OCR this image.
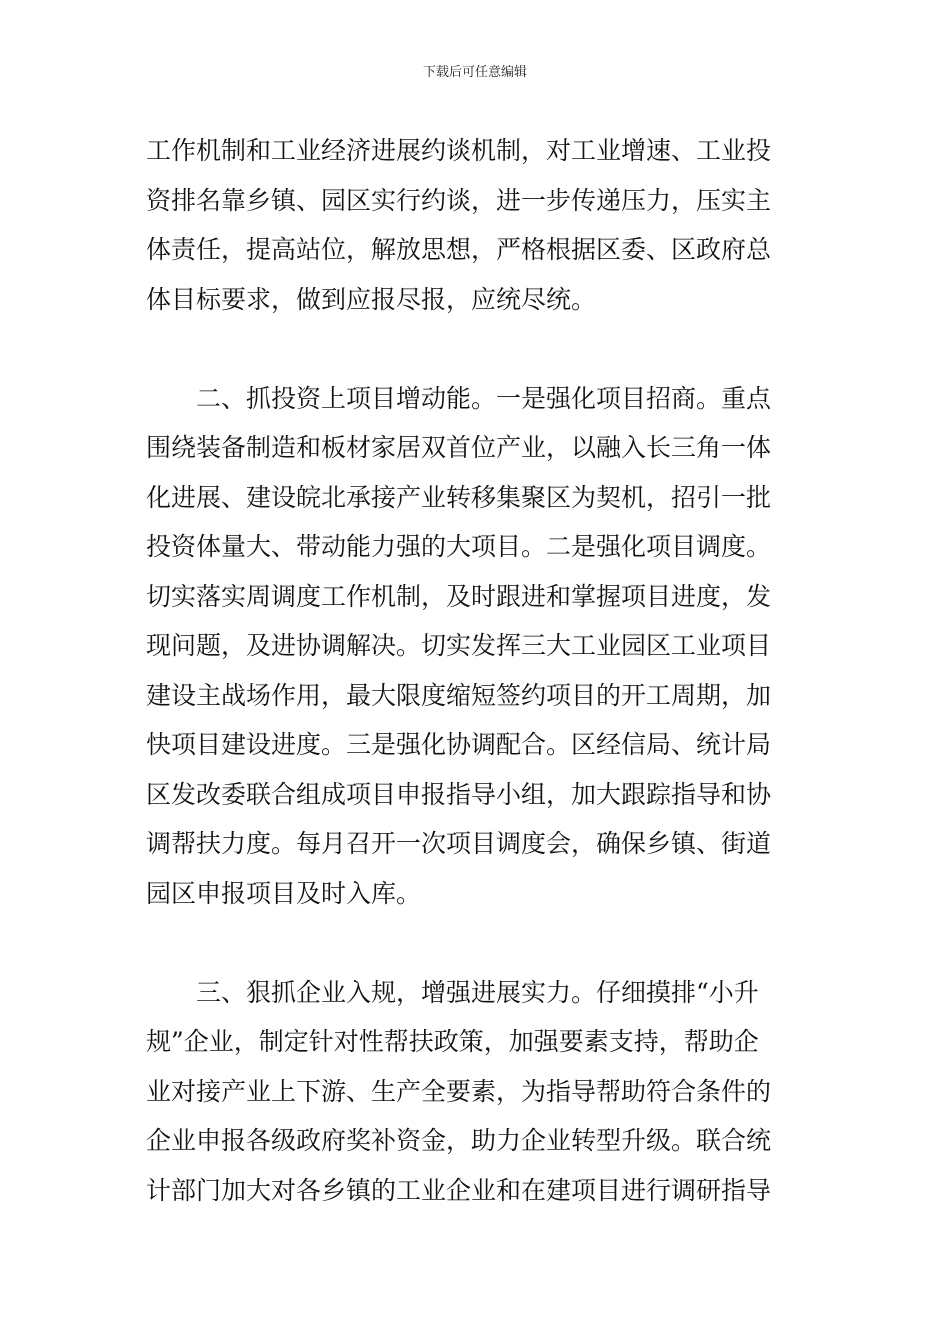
下载后可任意编辑
工作机制和工业经济进展约谈机制，对工业增速、工业投
资排名靠乡镇、园区实行约谈，进一步传递压力，压实主
体责任，提高站位，解放思想，严格根据区委、区政府总
体目标要求，做到应报尽报，应统尽统。
　　二、抓投资上项目增动能。一是强化项目招商。重点
围绕装备制造和板材家居双首位产业，以融入长三角一体
化进展、建设皖北承接产业转移集聚区为契机，招引一批
投资体量大、带动能力强的大项目。二是强化项目调度。
切实落实周调度工作机制，及时跟进和掌握项目进度，发
现问题，及进协调解决。切实发挥三大工业园区工业项目
建设主战场作用，最大限度缩短签约项目的开工周期，加
快项目建设进度。三是强化协调配合。区经信局、统计局
区发改委联合组成项目申报指导小组，加大跟踪指导和协
调帮扶力度。每月召开一次项目调度会，确保乡镇、街道
园区申报项目及时入库。
　　三、狠抓企业入规，增强进展实力。仔细摸排“小升
规”企业，制定针对性帮扶政策，加强要素支持，帮助企
业对接产业上下游、生产全要素，为指导帮助符合条件的
企业申报各级政府奖补资金，助力企业转型升级。联合统
计部门加大对各乡镇的工业企业和在建项目进行调研指导
